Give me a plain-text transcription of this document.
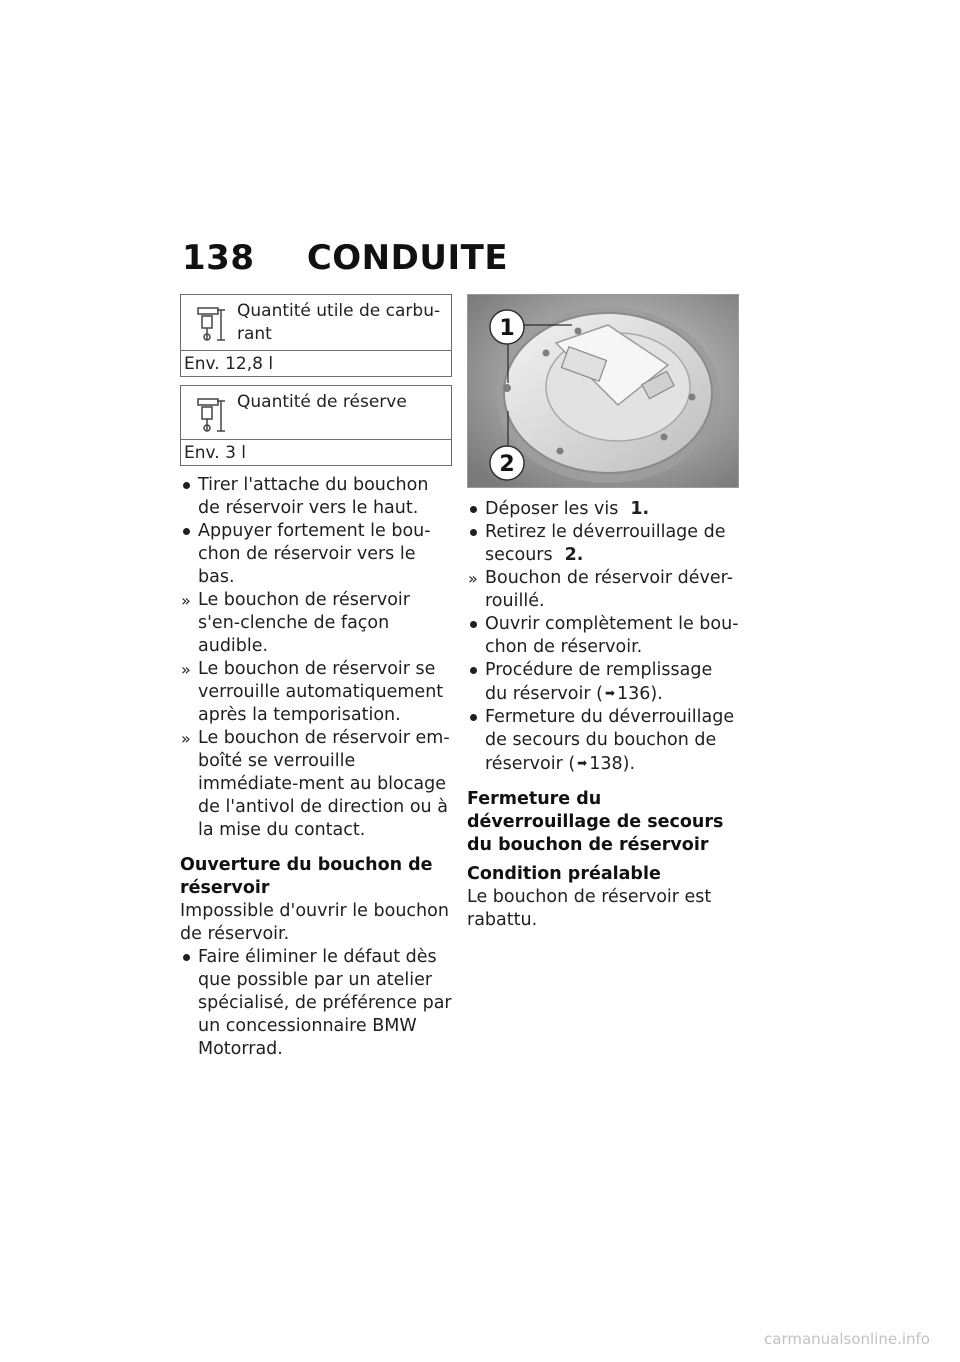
138 CONDUITE
Quantité utile de carbu-rant
Env. 12,8 l
Quantité de réserve
Env. 3 l
Tirer l'attache du bouchon de réservoir vers le haut.
Appuyer fortement le bou-chon de réservoir vers le bas.
» Le bouchon de réservoir s'en-clenche de façon audible.
» Le bouchon de réservoir se verrouille automatiquement après la temporisation.
» Le bouchon de réservoir em-boîté se verrouille immédiate-ment au blocage de l'antivol de direction ou à la mise du contact.
Ouverture du bouchon de réservoir
Impossible d'ouvrir le bouchon de réservoir.
Faire éliminer le défaut dès que possible par un atelier spécialisé, de préférence par un concessionnaire BMW Motorrad.
1
2
Déposer les vis 1.
Retirez le déverrouillage de secours 2.
» Bouchon de réservoir déver-rouillé.
Ouvrir complètement le bou-chon de réservoir.
Procédure de remplissage du réservoir ( ➡ 136).
Fermeture du déverrouillage de secours du bouchon de réservoir ( ➡ 138).
Fermeture du déverrouillage de secours du bouchon de réservoir
Condition préalable
Le bouchon de réservoir est rabattu.
carmanualsonline.info
